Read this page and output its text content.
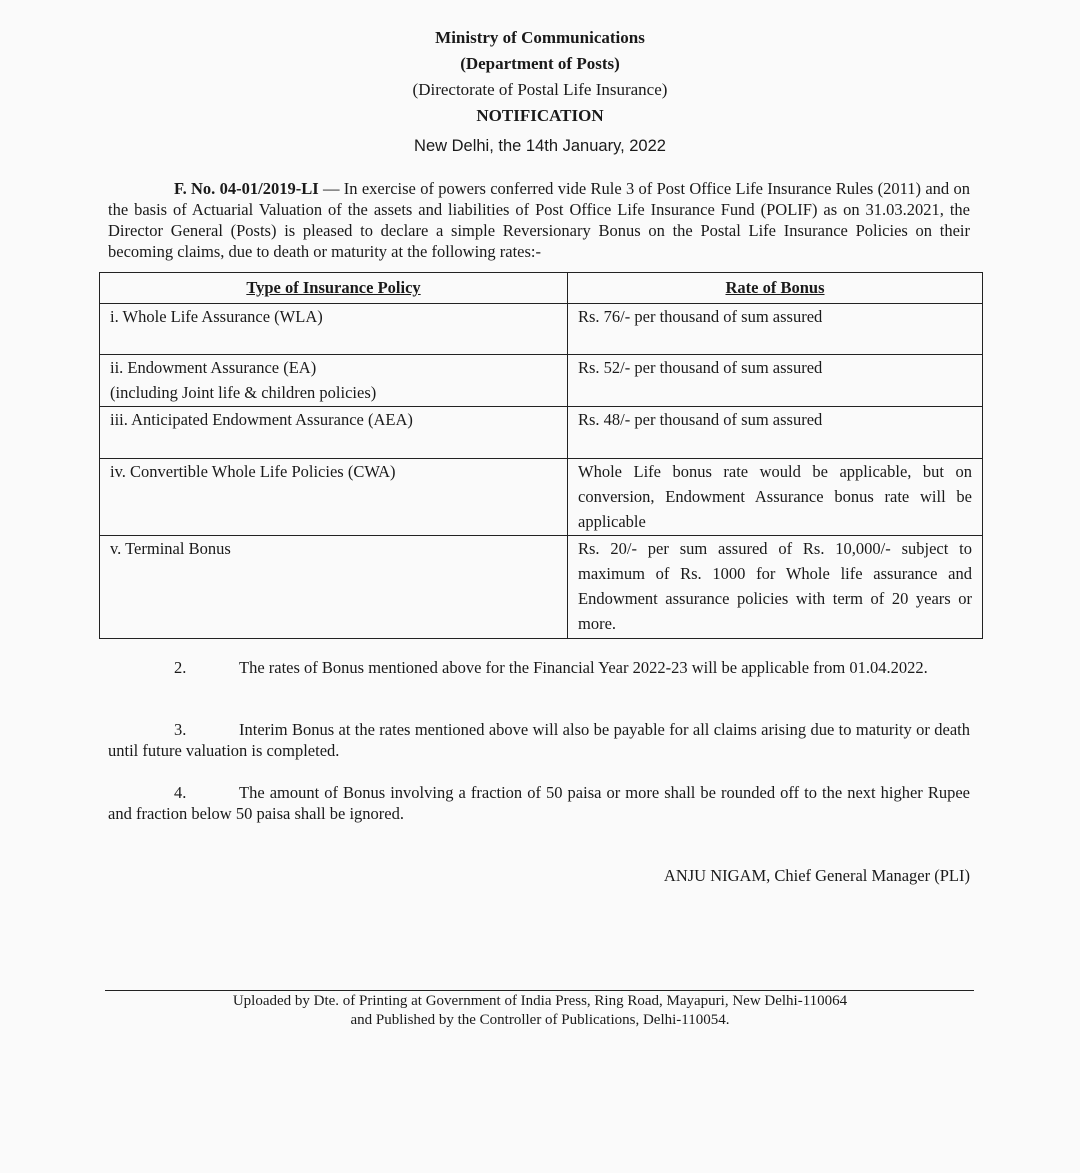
Ministry of Communications
(Department of Posts)
(Directorate of Postal Life Insurance)
NOTIFICATION
New Delhi, the 14th January, 2022
F. No. 04-01/2019-LI — In exercise of powers conferred vide Rule 3 of Post Office Life Insurance Rules (2011) and on the basis of Actuarial Valuation of the assets and liabilities of Post Office Life Insurance Fund (POLIF) as on 31.03.2021, the Director General (Posts) is pleased to declare a simple Reversionary Bonus on the Postal Life Insurance Policies on their becoming claims, due to death or maturity at the following rates:-
Type of Insurance Policy	Rate of Bonus

i. Whole Life Assurance (WLA)	Rs. 76/- per thousand of sum assured

ii. Endowment Assurance (EA)
(including Joint life & children policies)	Rs. 52/- per thousand of sum assured

iii. Anticipated Endowment Assurance (AEA)	Rs. 48/- per thousand of sum assured

iv. Convertible Whole Life Policies (CWA)	Whole Life bonus rate would be applicable, but on conversion, Endowment Assurance bonus rate will be applicable

v. Terminal Bonus	Rs. 20/- per sum assured of Rs. 10,000/- subject to maximum of Rs. 1000 for Whole life assurance and Endowment assurance policies with term of 20 years or more.
2.	The rates of Bonus mentioned above for the Financial Year 2022-23 will be applicable from 01.04.2022.
3.	Interim Bonus at the rates mentioned above will also be payable for all claims arising due to maturity or death until future valuation is completed.
4.	The amount of Bonus involving a fraction of 50 paisa or more shall be rounded off to the next higher Rupee and fraction below 50 paisa shall be ignored.
ANJU NIGAM, Chief General Manager (PLI)
Uploaded by Dte. of Printing at Government of India Press, Ring Road, Mayapuri, New Delhi-110064
and Published by the Controller of Publications, Delhi-110054.
